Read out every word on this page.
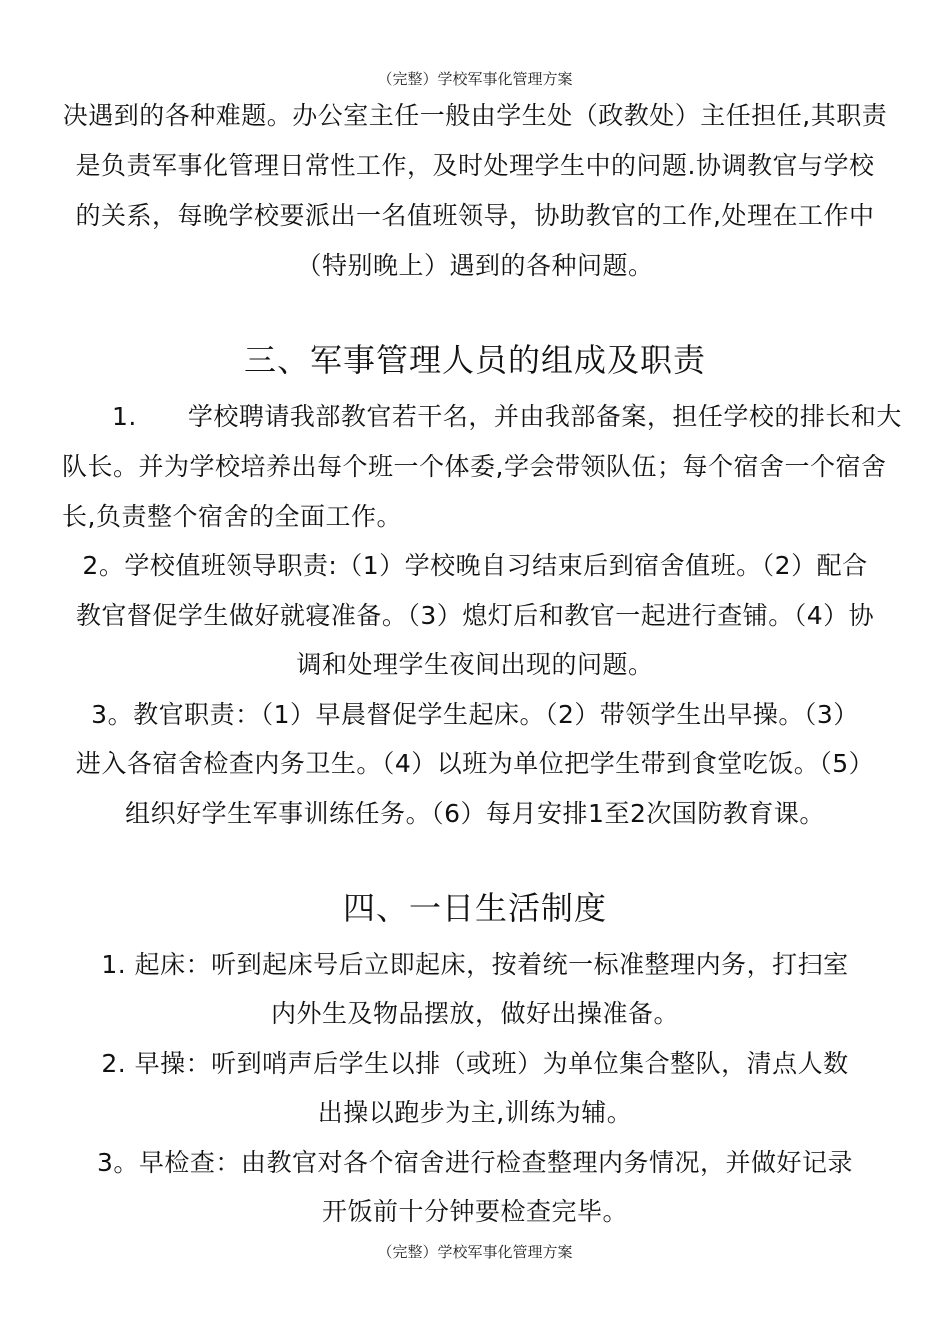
（完整）学校军事化管理方案
决遇到的各种难题。办公室主任一般由学生处（政教处）主任担任,其职责
是负责军事化管理日常性工作，及时处理学生中的问题.协调教官与学校
的关系，每晚学校要派出一名值班领导，协助教官的工作,处理在工作中
（特别晚上）遇到的各种问题。
三、军事管理人员的组成及职责
1.　　学校聘请我部教官若干名，并由我部备案，担任学校的排长和大
队长。并为学校培养出每个班一个体委,学会带领队伍；每个宿舍一个宿舍
长,负责整个宿舍的全面工作。
2。学校值班领导职责:（1）学校晚自习结束后到宿舍值班。（2）配合
教官督促学生做好就寝准备。（3）熄灯后和教官一起进行查铺。（4）协
调和处理学生夜间出现的问题。
3。教官职责：（1）早晨督促学生起床。（2）带领学生出早操。（3）
进入各宿舍检查内务卫生。（4）以班为单位把学生带到食堂吃饭。（5）
组织好学生军事训练任务。（6）每月安排1至2次国防教育课。
四、一日生活制度
1. 起床：听到起床号后立即起床，按着统一标准整理内务，打扫室
内外生及物品摆放，做好出操准备。
2. 早操：听到哨声后学生以排（或班）为单位集合整队，清点人数
出操以跑步为主,训练为辅。
3。早检查：由教官对各个宿舍进行检查整理内务情况，并做好记录
开饭前十分钟要检查完毕。
（完整）学校军事化管理方案
